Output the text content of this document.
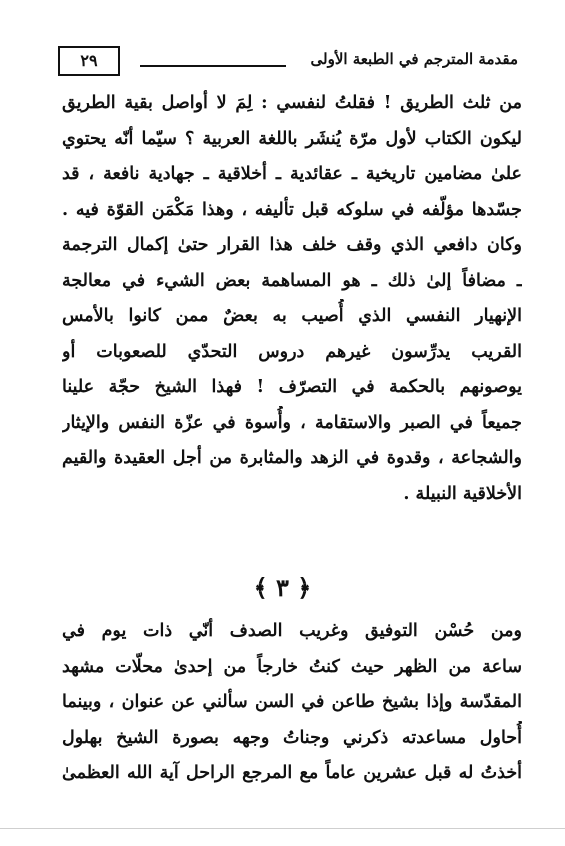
مقدمة المترجم في الطبعة الأولى
٢٩
من ثلث الطريق ! فقلتُ لنفسي : لِمَ لا أواصل بقية الطريق
ليكون الكتاب لأول مرّة يُنشَر باللغة العربية ؟ سيّما أنّه يحتوي
علىٰ مضامين تاريخية ـ عقائدية ـ أخلاقية ـ جهادية نافعة ، قد
جسّدها مؤلّفه في سلوكه قبل تأليفه ، وهذا مَكْمَن القوّة فيه .
وكان دافعي الذي وقف خلف هذا القرار حتىٰ إكمال الترجمة
ـ مضافاً إلىٰ ذلك ـ هو المساهمة بعض الشيء في معالجة
الإنهيار النفسي الذي أُصيب به بعضٌ ممن كانوا بالأمس
القريب يدرِّسون غيرهم دروس التحدّي للصعوبات أو
يوصونهم بالحكمة في التصرّف ! فهذا الشيخ حجّة علينا
جميعاً في الصبر والاستقامة ، وأُسوة في عزّة النفس والإيثار
والشجاعة ، وقدوة في الزهد والمثابرة من أجل العقيدة والقيم
الأخلاقية النبيلة .
﴿ ٣ ﴾
ومن حُسْن التوفيق وغريب الصدف أنّي ذات يوم في
ساعة من الظهر حيث كنتُ خارجاً من إحدىٰ محلّات مشهد
المقدّسة وإذا بشيخ طاعن في السن سألني عن عنوان ، وبينما
أُحاول مساعدته ذكرني وجناتُ وجهه بصورة الشيخ بهلول
أخذتُ له قبل عشرين عاماً مع المرجع الراحل آية الله العظمىٰ
